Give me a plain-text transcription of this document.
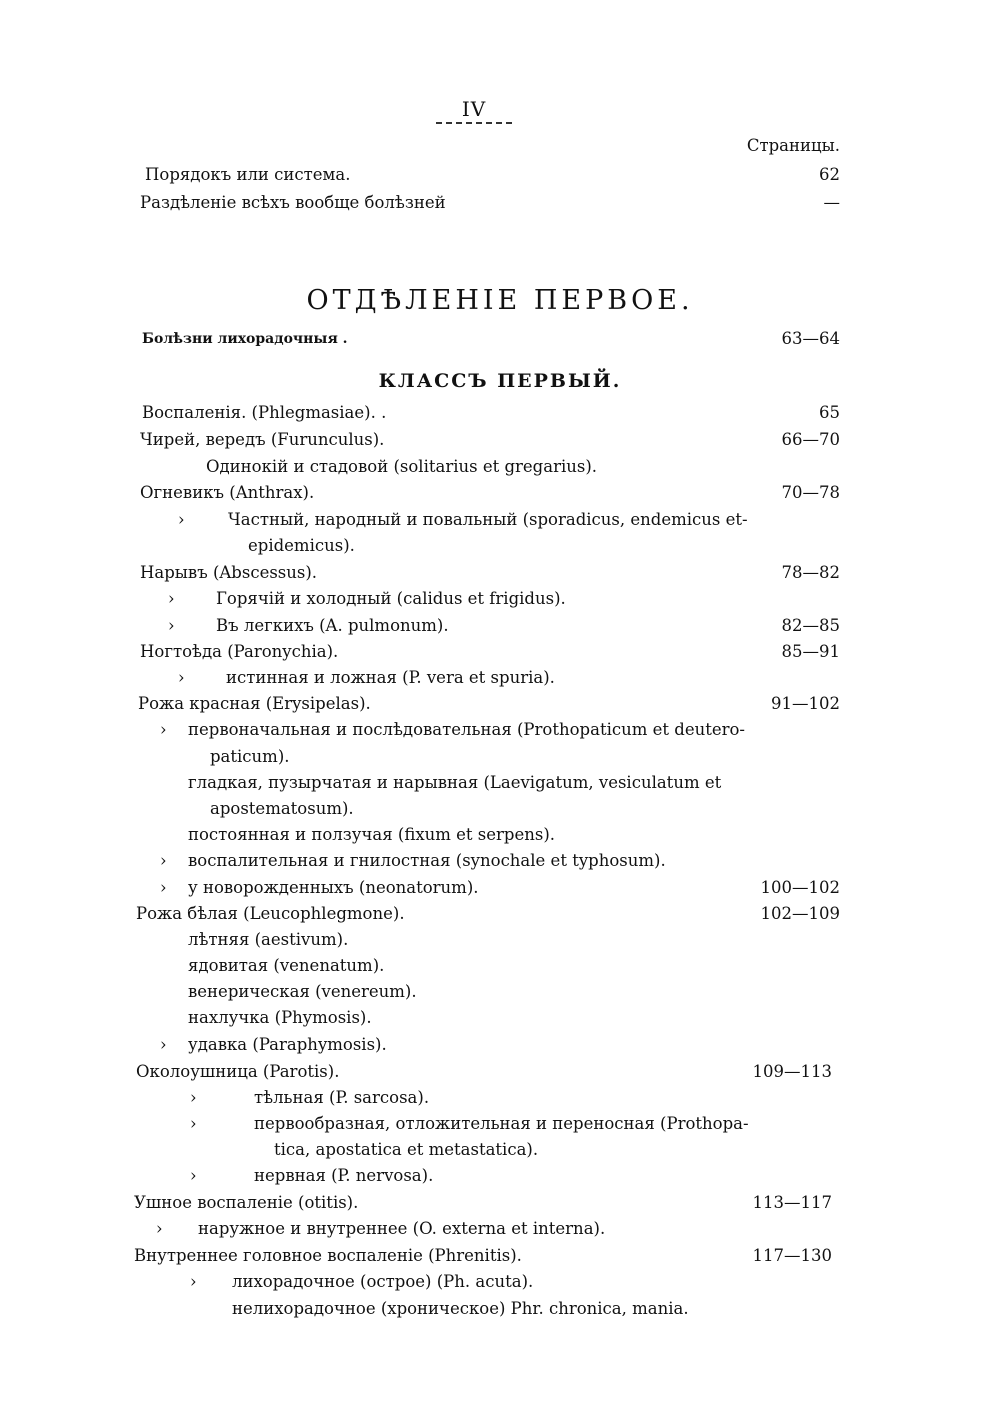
IV
Страницы.
Порядокъ или система.	62
Раздѣленіе всѣхъ вообще болѣзней	—
ОТДѢЛЕНІЕ ПЕРВОЕ.
Болѣзни лихорадочныя .	63—64
КЛАССЪ ПЕРВЫЙ.
Воспаленія. (Phlegmasiae). .	65
Чирей, вередъ (Furunculus).	66—70
Одинокій и стадовой (solitarius et gregarius).
Огневикъ (Anthrax).	70—78
›	Частный, народный и повальный (sporadicus, endemicus et-
epidemicus).
Нарывъ (Abscessus).	78—82
›	Горячій и холодный (calidus et frigidus).
›	Въ легкихъ (A. pulmonum).	82—85
Ногтоѣда (Paronychia).	85—91
›	истинная и ложная (P. vera et spuria).
Рожа красная (Erysipelas).	91—102
› первоначальная и послѣдовательная (Prothopaticum et deutero-
paticum).
гладкая, пузырчатая и нарывная (Laevigatum, vesiculatum et
apostematosum).
постоянная и ползучая (fixum et serpens).
› воспалительная и гнилостная (synochale et typhosum).
› у новорожденныхъ (neonatorum).	100—102
Рожа бѣлая (Leucophlegmone).	102—109
лѣтняя (aestivum).
ядовитая (venenatum).
венерическая (venereum).
нахлучка (Phymosis).
› удавка (Paraphymosis).
Околоушница (Parotis).	109—113
›	тѣльная (P. sarcosa).
›	первообразная, отложительная и переносная (Prothopa-
tica, apostatica et metastatica).
›	нервная (P. nervosa).
Ушное воспаленіе (otitis).	113—117
› наружное и внутреннее (O. externa et interna).
Внутреннее головное воспаленіе (Phrenitis).	117—130
› лихорадочное (острое) (Ph. acuta).
нелихорадочное (хроническое) Phr. chronica, mania.
